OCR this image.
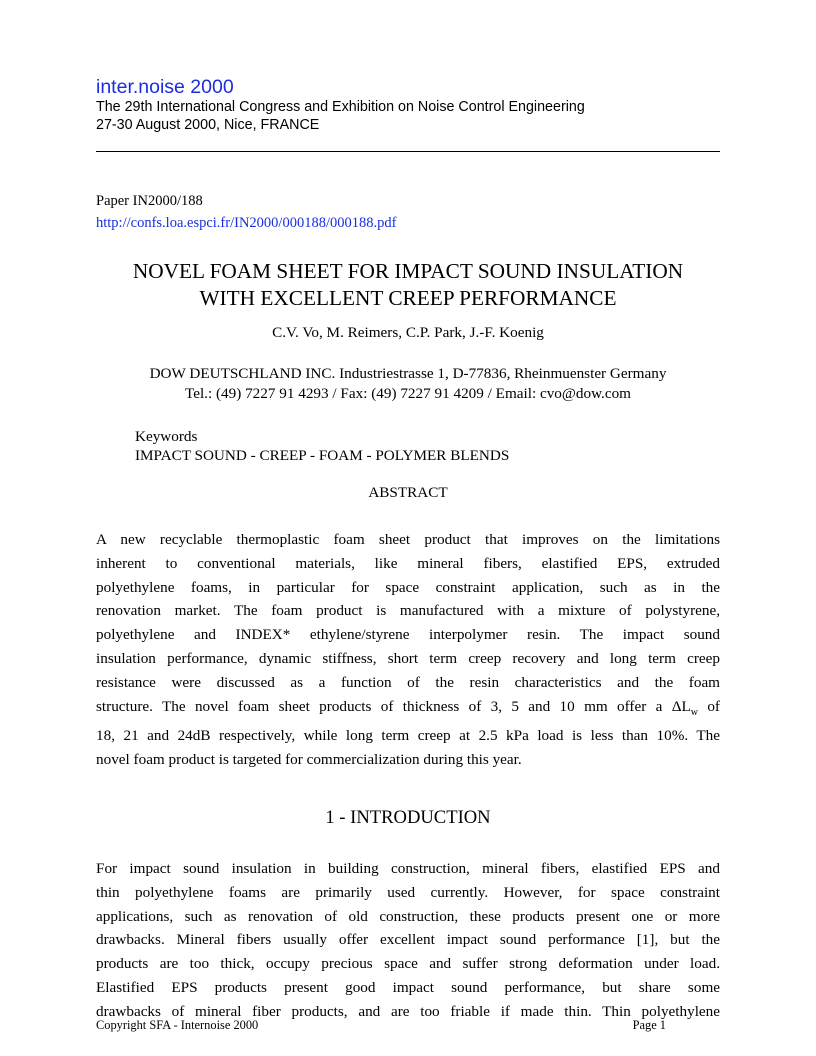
inter.noise 2000
The 29th International Congress and Exhibition on Noise Control Engineering
27-30 August 2000, Nice, FRANCE
Paper IN2000/188
http://confs.loa.espci.fr/IN2000/000188/000188.pdf
NOVEL FOAM SHEET FOR IMPACT SOUND INSULATION
WITH EXCELLENT CREEP PERFORMANCE
C.V. Vo, M. Reimers, C.P. Park, J.-F. Koenig
DOW DEUTSCHLAND INC. Industriestrasse 1, D-77836, Rheinmuenster Germany
Tel.: (49) 7227 91 4293 / Fax: (49) 7227 91 4209 / Email: cvo@dow.com
Keywords
IMPACT SOUND - CREEP - FOAM - POLYMER BLENDS
ABSTRACT
A new recyclable thermoplastic foam sheet product that improves on the limitations
inherent to conventional materials, like mineral fibers, elastified EPS, extruded
polyethylene foams, in particular for space constraint application, such as in the
renovation market. The foam product is manufactured with a mixture of polystyrene,
polyethylene and INDEX* ethylene/styrene interpolymer resin. The impact sound
insulation performance, dynamic stiffness, short term creep recovery and long term creep
resistance were discussed as a function of the resin characteristics and the foam
structure. The novel foam sheet products of thickness of 3, 5 and 10 mm offer a $\Delta L_w$ of
18, 21 and 24dB respectively, while long term creep at 2.5 kPa load is less than 10%. The
novel foam product is targeted for commercialization during this year.
1 - INTRODUCTION
For impact sound insulation in building construction, mineral fibers, elastified EPS and
thin polyethylene foams are primarily used currently. However, for space constraint
applications, such as renovation of old construction, these products present one or more
drawbacks. Mineral fibers usually offer excellent impact sound performance [1], but the
products are too thick, occupy precious space and suffer strong deformation under load.
Elastified EPS products present good impact sound performance, but share some
drawbacks of mineral fiber products, and are too friable if made thin. Thin polyethylene
Copyright SFA - Internoise 2000	Page 1
